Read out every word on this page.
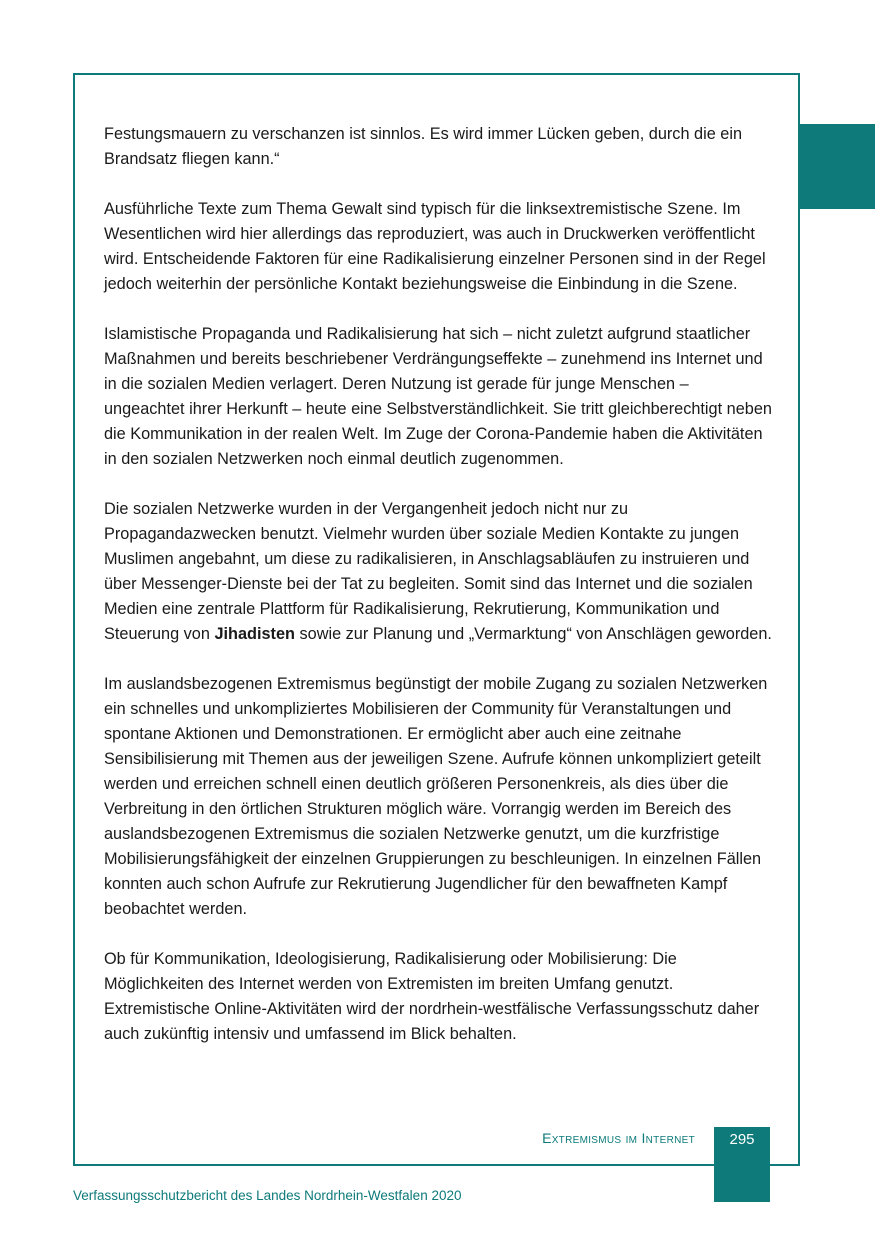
Festungsmauern zu verschanzen ist sinnlos. Es wird immer Lücken geben, durch die ein Brandsatz fliegen kann.“

Ausführliche Texte zum Thema Gewalt sind typisch für die linksextremistische Szene. Im Wesentlichen wird hier allerdings das reproduziert, was auch in Druckwerken veröffentlicht wird. Entscheidende Faktoren für eine Radikalisierung einzelner Personen sind in der Regel jedoch weiterhin der persönliche Kontakt beziehungsweise die Einbindung in die Szene.

Islamistische Propaganda und Radikalisierung hat sich – nicht zuletzt aufgrund staatlicher Maßnahmen und bereits beschriebener Verdrängungseffekte – zunehmend ins Internet und in die sozialen Medien verlagert. Deren Nutzung ist gerade für junge Menschen – ungeachtet ihrer Herkunft – heute eine Selbstverständlichkeit. Sie tritt gleichberechtigt neben die Kommunikation in der realen Welt. Im Zuge der Corona-Pandemie haben die Aktivitäten in den sozialen Netzwerken noch einmal deutlich zugenommen.

Die sozialen Netzwerke wurden in der Vergangenheit jedoch nicht nur zu Propagandazwecken benutzt. Vielmehr wurden über soziale Medien Kontakte zu jungen Muslimen angebahnt, um diese zu radikalisieren, in Anschlagsabläufen zu instruieren und über Messenger-Dienste bei der Tat zu begleiten. Somit sind das Internet und die sozialen Medien eine zentrale Plattform für Radikalisierung, Rekrutierung, Kommunikation und Steuerung von Jihadisten sowie zur Planung und „Vermarktung“ von Anschlägen geworden.

Im auslandsbezogenen Extremismus begünstigt der mobile Zugang zu sozialen Netzwerken ein schnelles und unkompliziertes Mobilisieren der Community für Veranstaltungen und spontane Aktionen und Demonstrationen. Er ermöglicht aber auch eine zeitnahe Sensibilisierung mit Themen aus der jeweiligen Szene. Aufrufe können unkompliziert geteilt werden und erreichen schnell einen deutlich größeren Personenkreis, als dies über die Verbreitung in den örtlichen Strukturen möglich wäre. Vorrangig werden im Bereich des auslandsbezogenen Extremismus die sozialen Netzwerke genutzt, um die kurzfristige Mobilisierungsfähigkeit der einzelnen Gruppierungen zu beschleunigen. In einzelnen Fällen konnten auch schon Aufrufe zur Rekrutierung Jugendlicher für den bewaffneten Kampf beobachtet werden.

Ob für Kommunikation, Ideologisierung, Radikalisierung oder Mobilisierung: Die Möglichkeiten des Internet werden von Extremisten im breiten Umfang genutzt. Extremistische Online-Aktivitäten wird der nordrhein-westfälische Verfassungsschutz daher auch zukünftig intensiv und umfassend im Blick behalten.

Extremismus im Internet	295
Verfassungsschutzbericht des Landes Nordrhein-Westfalen 2020
